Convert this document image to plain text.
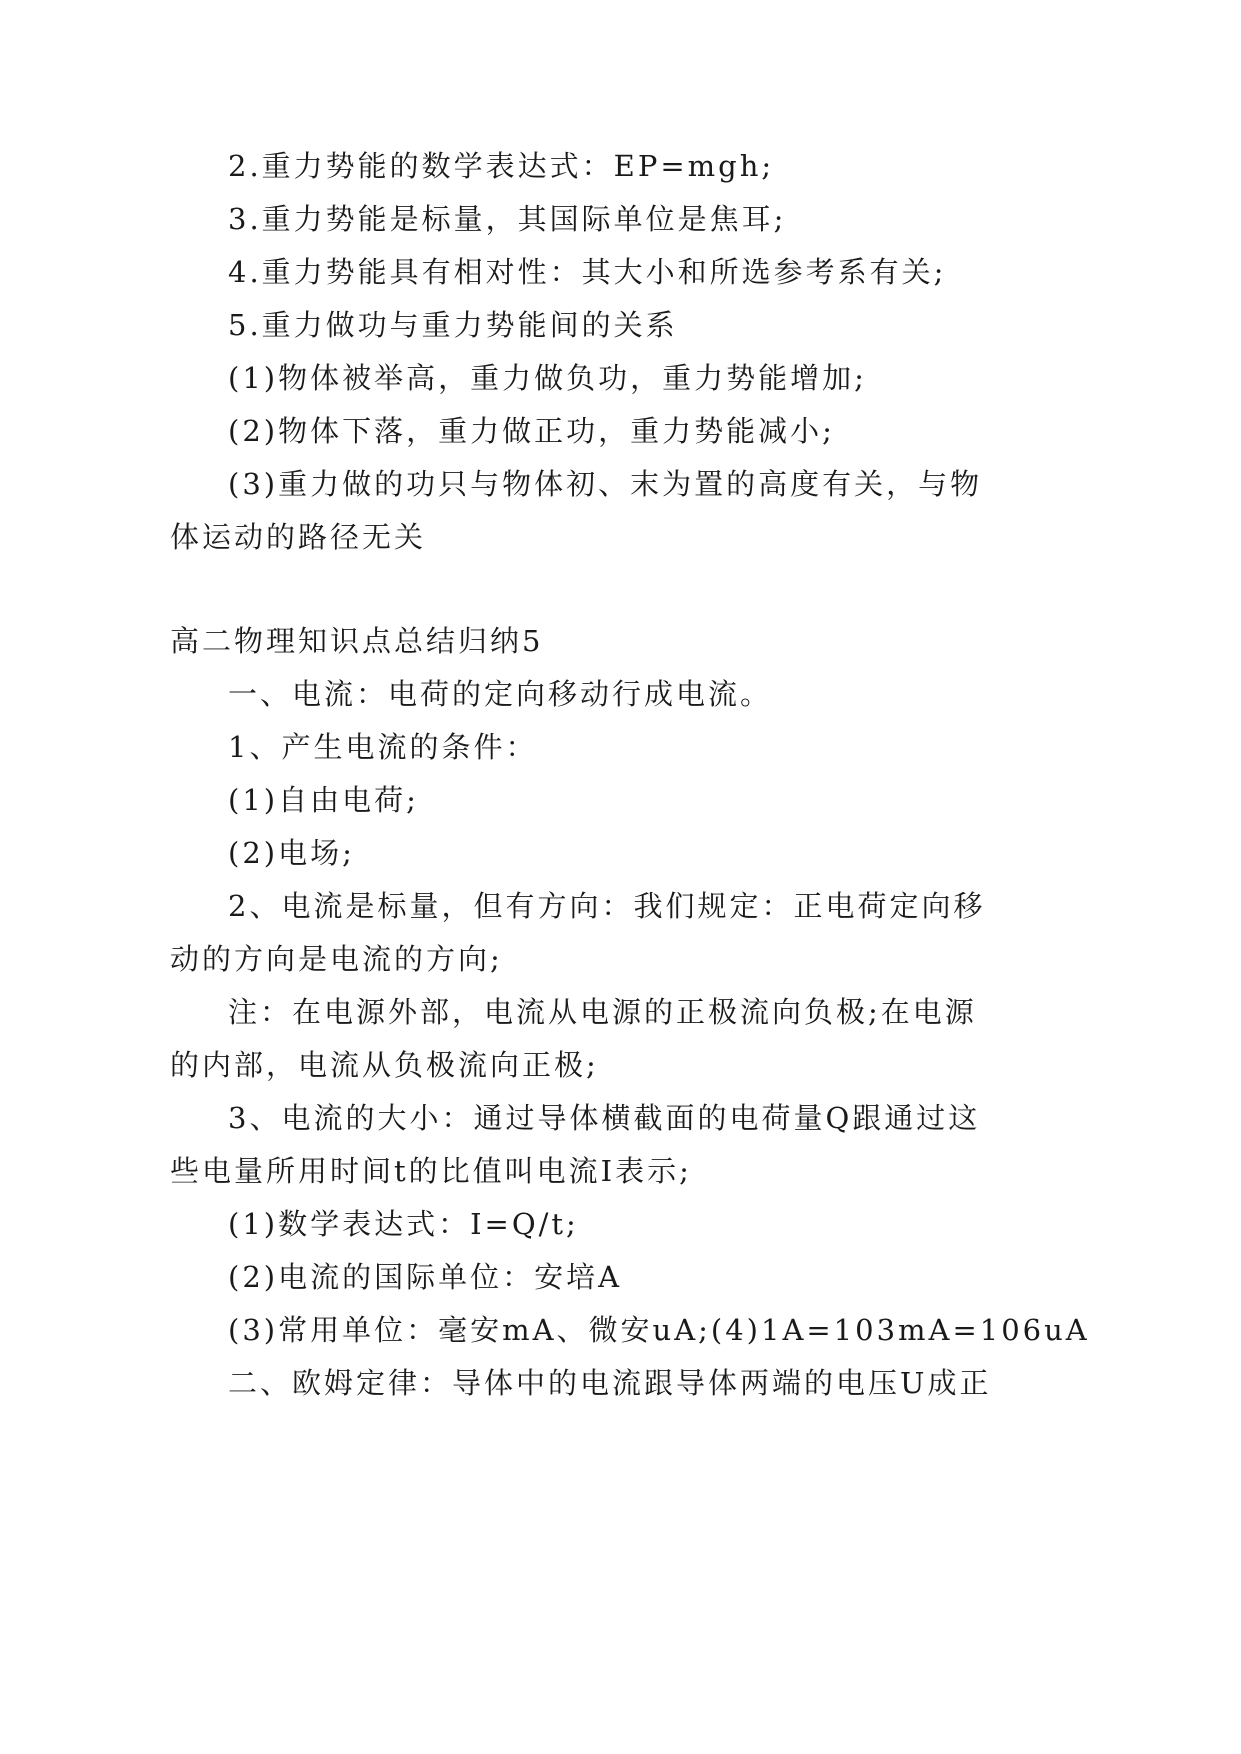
2.重力势能的数学表达式：EP=mgh;
3.重力势能是标量，其国际单位是焦耳;
4.重力势能具有相对性：其大小和所选参考系有关;
5.重力做功与重力势能间的关系
(1)物体被举高，重力做负功，重力势能增加;
(2)物体下落，重力做正功，重力势能减小;
(3)重力做的功只与物体初、末为置的高度有关，与物
体运动的路径无关
高二物理知识点总结归纳5
一、电流：电荷的定向移动行成电流。
1、产生电流的条件：
(1)自由电荷;
(2)电场;
2、电流是标量，但有方向：我们规定：正电荷定向移
动的方向是电流的方向;
注：在电源外部，电流从电源的正极流向负极;在电源
的内部，电流从负极流向正极;
3、电流的大小：通过导体横截面的电荷量Q跟通过这
些电量所用时间t的比值叫电流I表示;
(1)数学表达式：I=Q/t;
(2)电流的国际单位：安培A
(3)常用单位：毫安mA、微安uA;(4)1A=103mA=106uA
二、欧姆定律：导体中的电流跟导体两端的电压U成正
